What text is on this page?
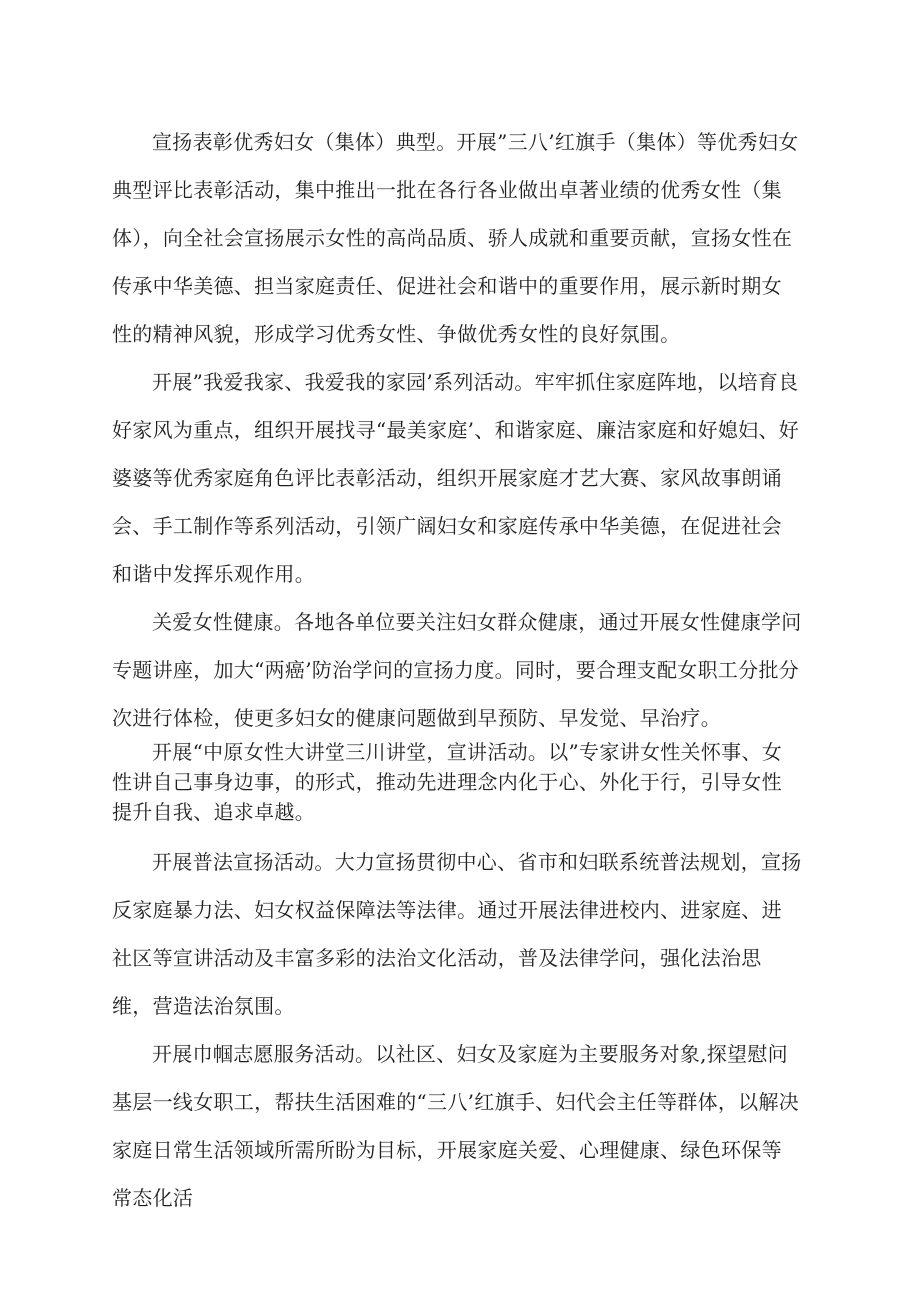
宣扬表彰优秀妇女（集体）典型。开展”三八’红旗手（集体）等优秀妇女典型评比表彰活动，集中推出一批在各行各业做出卓著业绩的优秀女性（集体），向全社会宣扬展示女性的高尚品质、骄人成就和重要贡献，宣扬女性在传承中华美德、担当家庭责任、促进社会和谐中的重要作用，展示新时期女性的精神风貌，形成学习优秀女性、争做优秀女性的良好氛围。

开展”我爱我家、我爱我的家园’系列活动。牢牢抓住家庭阵地，以培育良好家风为重点，组织开展找寻“最美家庭’、和谐家庭、廉洁家庭和好媳妇、好婆婆等优秀家庭角色评比表彰活动，组织开展家庭才艺大赛、家风故事朗诵会、手工制作等系列活动，引领广阔妇女和家庭传承中华美德，在促进社会和谐中发挥乐观作用。

关爱女性健康。各地各单位要关注妇女群众健康，通过开展女性健康学问专题讲座，加大“两癌’防治学问的宣扬力度。同时，要合理支配女职工分批分次进行体检，使更多妇女的健康问题做到早预防、早发觉、早治疗。

开展“中原女性大讲堂三川讲堂，宣讲活动。以”专家讲女性关怀事、女性讲自己事身边事，的形式，推动先进理念内化于心、外化于行，引导女性提升自我、追求卓越。

开展普法宣扬活动。大力宣扬贯彻中心、省市和妇联系统普法规划，宣扬反家庭暴力法、妇女权益保障法等法律。通过开展法律进校内、进家庭、进社区等宣讲活动及丰富多彩的法治文化活动，普及法律学问，强化法治思维，营造法治氛围。

开展巾帼志愿服务活动。以社区、妇女及家庭为主要服务对象,探望慰问基层一线女职工，帮扶生活困难的“三八’红旗手、妇代会主任等群体，以解决家庭日常生活领域所需所盼为目标，开展家庭关爱、心理健康、绿色环保等常态化活
